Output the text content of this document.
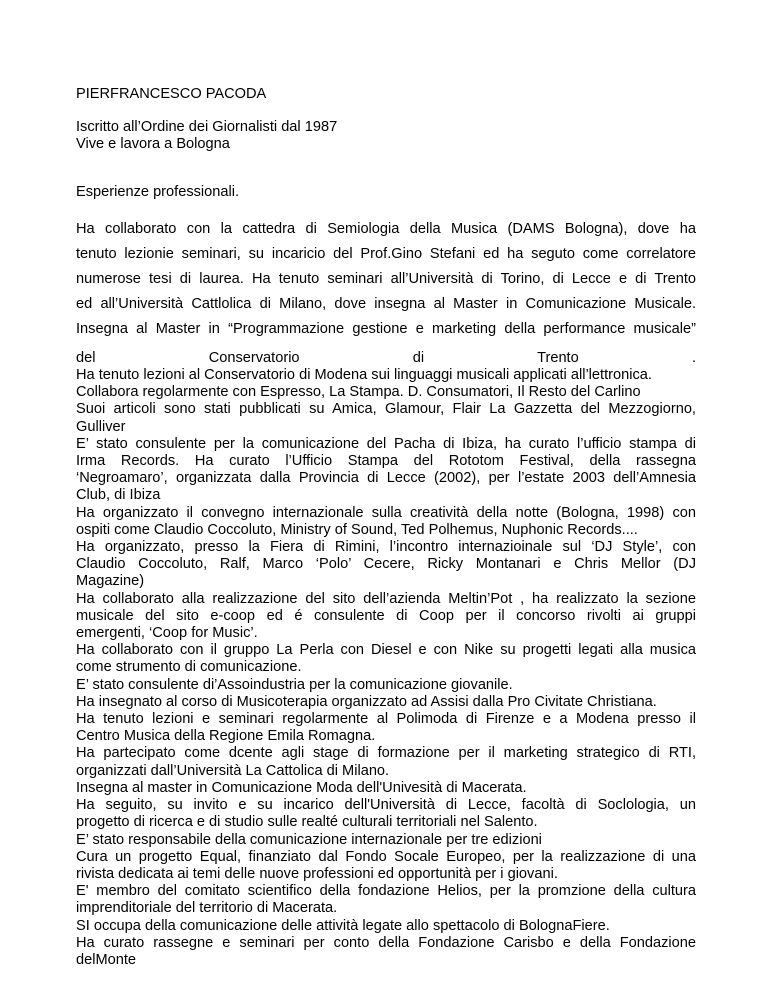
PIERFRANCESCO PACODA
Iscritto all’Ordine dei Giornalisti dal 1987
Vive e lavora a Bologna
Esperienze professionali.
Ha collaborato con la cattedra di Semiologia della Musica (DAMS Bologna), dove ha
tenuto lezionie seminari, su incaricio del Prof.Gino Stefani ed ha seguto come correlatore
numerose tesi di laurea. Ha tenuto seminari all’Università di Torino, di Lecce e di Trento
ed all’Università Cattlolica di Milano, dove insegna al Master in Comunicazione Musicale.
Insegna al Master in “Programmazione gestione e marketing della performance musicale”
del	Conservatorio	di	Trento	.
Ha tenuto lezioni al Conservatorio di Modena sui linguaggi musicali applicati all’lettronica.
Collabora regolarmente con Espresso, La Stampa. D. Consumatori, Il Resto del Carlino
Suoi articoli sono stati pubblicati su Amica, Glamour, Flair La Gazzetta del Mezzogiorno,
Gulliver
E’ stato consulente per la comunicazione del Pacha di Ibiza, ha curato l’ufficio stampa di
Irma Records. Ha curato l’Ufficio Stampa del Rototom Festival, della rassegna
‘Negroamaro’, organizzata dalla Provincia di Lecce (2002), per l’estate 2003 dell’Amnesia
Club, di Ibiza
Ha organizzato il convegno internazionale sulla creatività della notte (Bologna, 1998) con
ospiti come Claudio Coccoluto, Ministry of Sound, Ted Polhemus, Nuphonic Records....
Ha organizzato, presso la Fiera di Rimini, l’incontro internazioinale sul ‘DJ Style’, con
Claudio Coccoluto, Ralf, Marco ‘Polo’ Cecere, Ricky Montanari e Chris Mellor (DJ
Magazine)
Ha collaborato alla realizzazione del sito dell’azienda Meltin’Pot , ha realizzato la sezione
musicale del sito e-coop ed é consulente di Coop per il concorso rivolti ai gruppi
emergenti, ‘Coop for Music’.
Ha collaborato con il gruppo La Perla con Diesel e con Nike su progetti legati alla musica
come strumento di comunicazione.
E’ stato consulente di’Assoindustria per la comunicazione giovanile.
Ha insegnato al corso di Musicoterapia organizzato ad Assisi dalla Pro Civitate Christiana.
Ha tenuto lezioni e seminari regolarmente al Polimoda di Firenze e a Modena presso il
Centro Musica della Regione Emila Romagna.
Ha partecipato come dcente agli stage di formazione per il marketing strategico di RTI,
organizzati dall’Università La Cattolica di Milano.
Insegna al master in Comunicazione Moda dell'Univesità di Macerata.
Ha seguito, su invito e su incarico dell'Università di Lecce, facoltà di Soclologia, un
progetto di ricerca e di studio sulle realté culturali territoriali nel Salento.
E’ stato responsabile della comunicazione internazionale per tre edizioni
Cura un progetto Equal, finanziato dal Fondo Socale Europeo, per la realizzazione di una
rivista dedicata ai temi delle nuove professioni ed opportunità per i giovani.
E' membro del comitato scientifico della fondazione Helios, per la promzione della cultura
imprenditoriale del territorio di Macerata.
SI occupa della comunicazione delle attività legate allo spettacolo di BolognaFiere.
Ha curato rassegne e seminari per conto della Fondazione Carisbo e della Fondazione
delMonte
